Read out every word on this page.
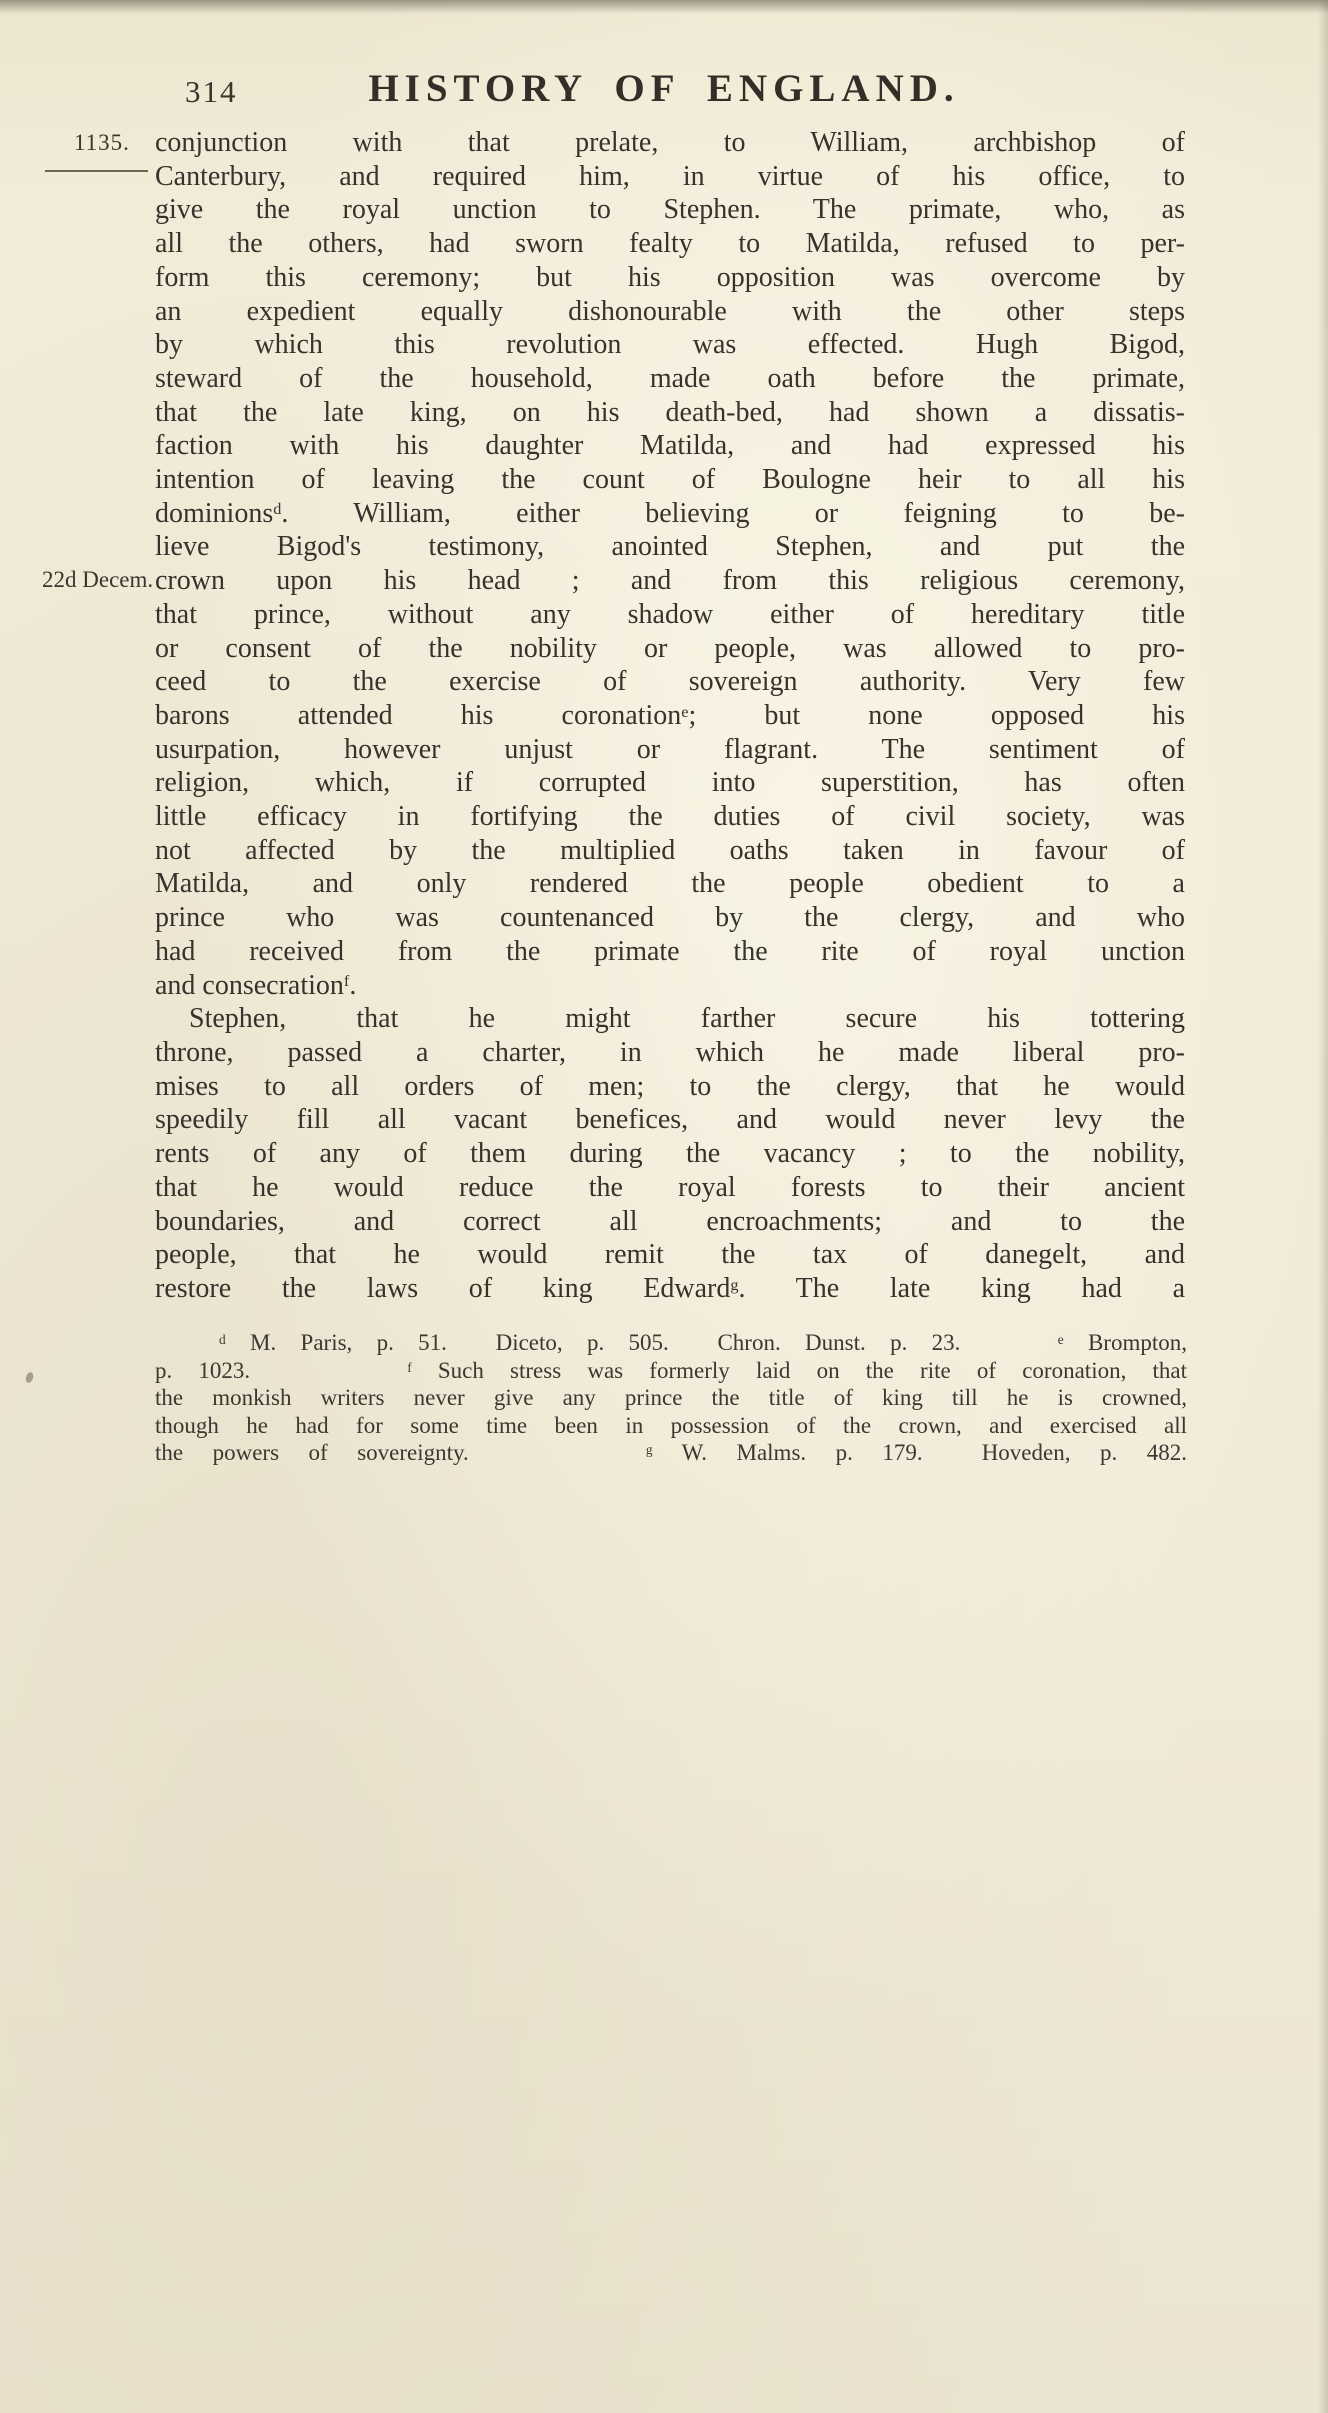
314	HISTORY OF ENGLAND.
1135.
22d Decem.
conjunction with that prelate, to William, archbishop of
Canterbury, and required him, in virtue of his office, to
give the royal unction to Stephen. The primate, who, as
all the others, had sworn fealty to Matilda, refused to per-
form this ceremony; but his opposition was overcome by
an expedient equally dishonourable with the other steps
by which this revolution was effected. Hugh Bigod,
steward of the household, made oath before the primate,
that the late king, on his death-bed, had shown a dissatis-
faction with his daughter Matilda, and had expressed his
intention of leaving the count of Boulogne heir to all his
dominions$^d$. William, either believing or feigning to be-
lieve Bigod's testimony, anointed Stephen, and put the
crown upon his head ; and from this religious ceremony,
that prince, without any shadow either of hereditary title
or consent of the nobility or people, was allowed to pro-
ceed to the exercise of sovereign authority. Very few
barons attended his coronation$^e$; but none opposed his
usurpation, however unjust or flagrant. The sentiment of
religion, which, if corrupted into superstition, has often
little efficacy in fortifying the duties of civil society, was
not affected by the multiplied oaths taken in favour of
Matilda, and only rendered the people obedient to a
prince who was countenanced by the clergy, and who
had received from the primate the rite of royal unction
and consecration$^f$.
Stephen, that he might farther secure his tottering
throne, passed a charter, in which he made liberal pro-
mises to all orders of men; to the clergy, that he would
speedily fill all vacant benefices, and would never levy the
rents of any of them during the vacancy ; to the nobility,
that he would reduce the royal forests to their ancient
boundaries, and correct all encroachments; and to the
people, that he would remit the tax of danegelt, and
restore the laws of king Edward$^g$. The late king had a
$^d$ M. Paris, p. 51.  Diceto, p. 505.  Chron. Dunst. p. 23.    $^e$ Brompton,
p. 1023.      $^f$ Such stress was formerly laid on the rite of coronation, that
the monkish writers never give any prince the title of king till he is crowned,
though he had for some time been in possession of the crown, and exercised all
the powers of sovereignty.      $^g$ W. Malms. p. 179.  Hoveden, p. 482.
